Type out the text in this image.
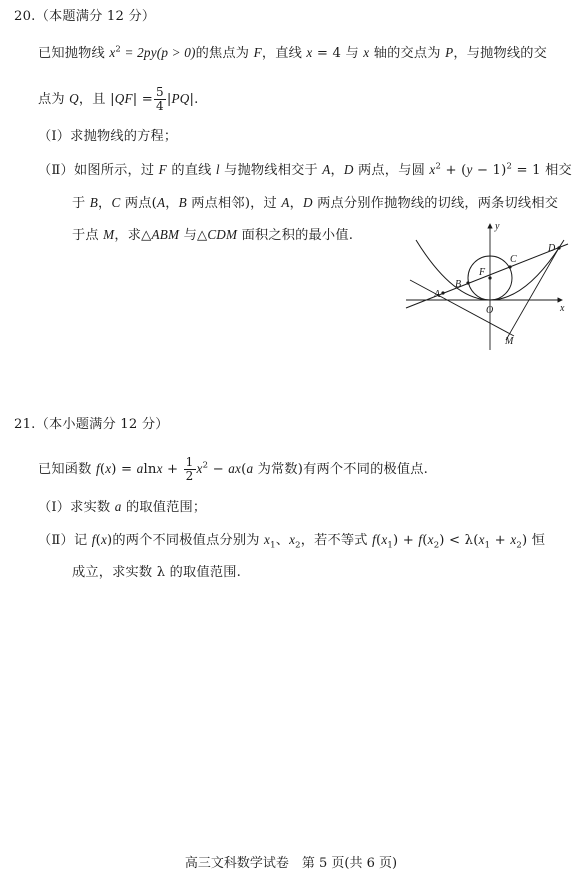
20.（本题满分 12 分）
已知抛物线 $x^2 = 2py(p > 0)$的焦点为 F，直线 x = 4 与 x 轴的交点为 P，与抛物线的交
点为 Q，且 $|QF| = \frac{5}{4} |PQ|$.
（Ⅰ）求抛物线的方程；
（Ⅱ）如图所示，过 F 的直线 l 与抛物线相交于 A，D 两点，与圆 $x^2 + (y - 1)^2 = 1$ 相交
于 B，C 两点(A，B 两点相邻)，过 A，D 两点分别作抛物线的切线，两条切线相交
于点 M，求△ABM 与△CDM 面积之积的最小值.
y
x
A
B
C
D
F
O
M
21.（本小题满分 12 分）
已知函数 $f(x) = alnx + \frac{1}{2} x^2 - ax(a$ 为常数)有两个不同的极值点.
（Ⅰ）求实数 a 的取值范围；
（Ⅱ）记 f(x)的两个不同极值点分别为 $x_1$、$x_2$，若不等式 $f(x_1) + f(x_2) < \lambda(x_1 + x_2)$ 恒
成立，求实数 λ 的取值范围.
高三文科数学试卷　第 5 页(共 6 页)
